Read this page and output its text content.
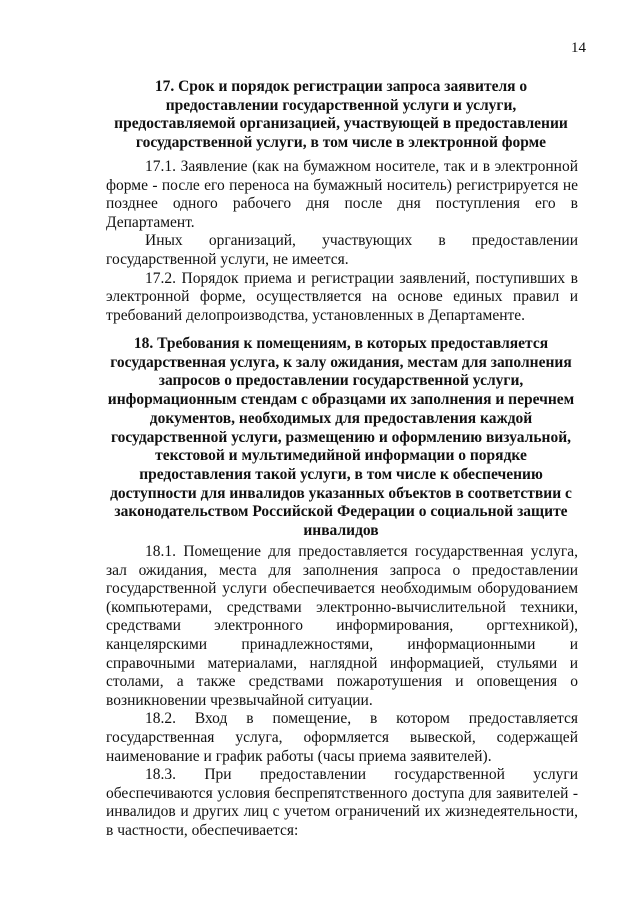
14
17. Срок и порядок регистрации запроса заявителя о предоставлении государственной услуги и услуги, предоставляемой организацией, участвующей в предоставлении государственной услуги, в том числе в электронной форме

17.1. Заявление (как на бумажном носителе, так и в электронной форме - после его переноса на бумажный носитель) регистрируется не позднее одного рабочего дня после дня поступления его в Департамент.

Иных организаций, участвующих в предоставлении государственной услуги, не имеется.

17.2. Порядок приема и регистрации заявлений, поступивших в электронной форме, осуществляется на основе единых правил и требований делопроизводства, установленных в Департаменте.

18. Требования к помещениям, в которых предоставляется государственная услуга, к залу ожидания, местам для заполнения запросов о предоставлении государственной услуги, информационным стендам с образцами их заполнения и перечнем документов, необходимых для предоставления каждой государственной услуги, размещению и оформлению визуальной, текстовой и мультимедийной информации о порядке предоставления такой услуги, в том числе к обеспечению доступности для инвалидов указанных объектов в соответствии с законодательством Российской Федерации о социальной защите инвалидов

18.1. Помещение для предоставляется государственная услуга, зал ожидания, места для заполнения запроса о предоставлении государственной услуги обеспечивается необходимым оборудованием (компьютерами, средствами электронно-вычислительной техники, средствами электронного информирования, оргтехникой), канцелярскими принадлежностями, информационными и справочными материалами, наглядной информацией, стульями и столами, а также средствами пожаротушения и оповещения о возникновении чрезвычайной ситуации.

18.2. Вход в помещение, в котором предоставляется государственная услуга, оформляется вывеской, содержащей наименование и график работы (часы приема заявителей).

18.3. При предоставлении государственной услуги обеспечиваются условия беспрепятственного доступа для заявителей - инвалидов и других лиц с учетом ограничений их жизнедеятельности, в частности, обеспечивается:
